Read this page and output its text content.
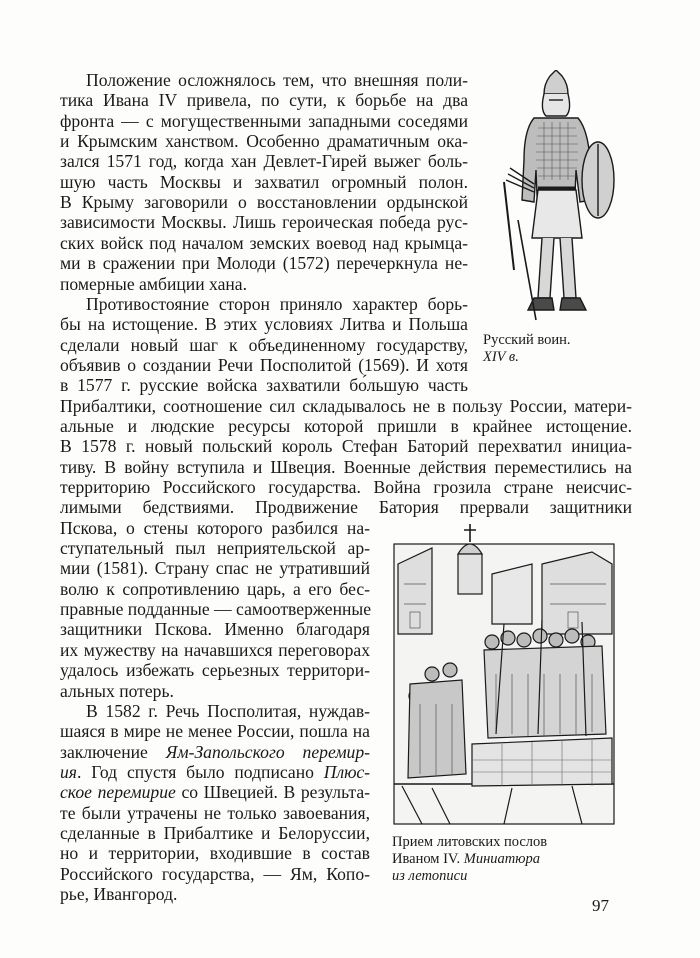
Положение осложнялось тем, что внешняя поли-
тика Ивана IV привела, по сути, к борьбе на два
фронта — с могущественными западными соседями
и Крымским ханством. Особенно драматичным ока-
зался 1571 год, когда хан Девлет-Гирей выжег боль-
шую часть Москвы и захватил огромный полон.
В Крыму заговорили о восстановлении ордынской
зависимости Москвы. Лишь героическая победа рус-
ских войск под началом земских воевод над крымца-
ми в сражении при Молоди (1572) перечеркнула не-
померные амбиции хана.
Противостояние сторон приняло характер борь-
бы на истощение. В этих условиях Литва и Польша
сделали новый шаг к объединенному государству,
объявив о создании Речи Посполитой (1569). И хотя
в 1577 г. русские войска захватили бо́льшую часть
Прибалтики, соотношение сил складывалось не в пользу России, матери-
альные и людские ресурсы которой пришли в крайнее истощение.
В 1578 г. новый польский король Стефан Баторий перехватил инициа-
тиву. В войну вступила и Швеция. Военные действия переместились на
территорию Российского государства. Война грозила стране неисчис-
лимыми бедствиями. Продвижение Батория прервали защитники
Пскова, о стены которого разбился на-
ступательный пыл неприятельской ар-
мии (1581). Страну спас не утративший
волю к сопротивлению царь, а его бес-
правные подданные — самоотверженные
защитники Пскова. Именно благодаря
их мужеству на начавшихся переговорах
удалось избежать серьезных территори-
альных потерь.
В 1582 г. Речь Посполитая, нуждав-
шаяся в мире не менее России, пошла на
заключение Ям-Запольского перемир-
ия. Год спустя было подписано Плюс-
ское перемирие со Швецией. В результа-
те были утрачены не только завоевания,
сделанные в Прибалтике и Белоруссии,
но и территории, входившие в состав
Российского государства, — Ям, Копо-
рье, Ивангород.
Русский воин.
XIV в.
Прием литовских послов
Иваном IV. Миниатюра
из летописи
97
